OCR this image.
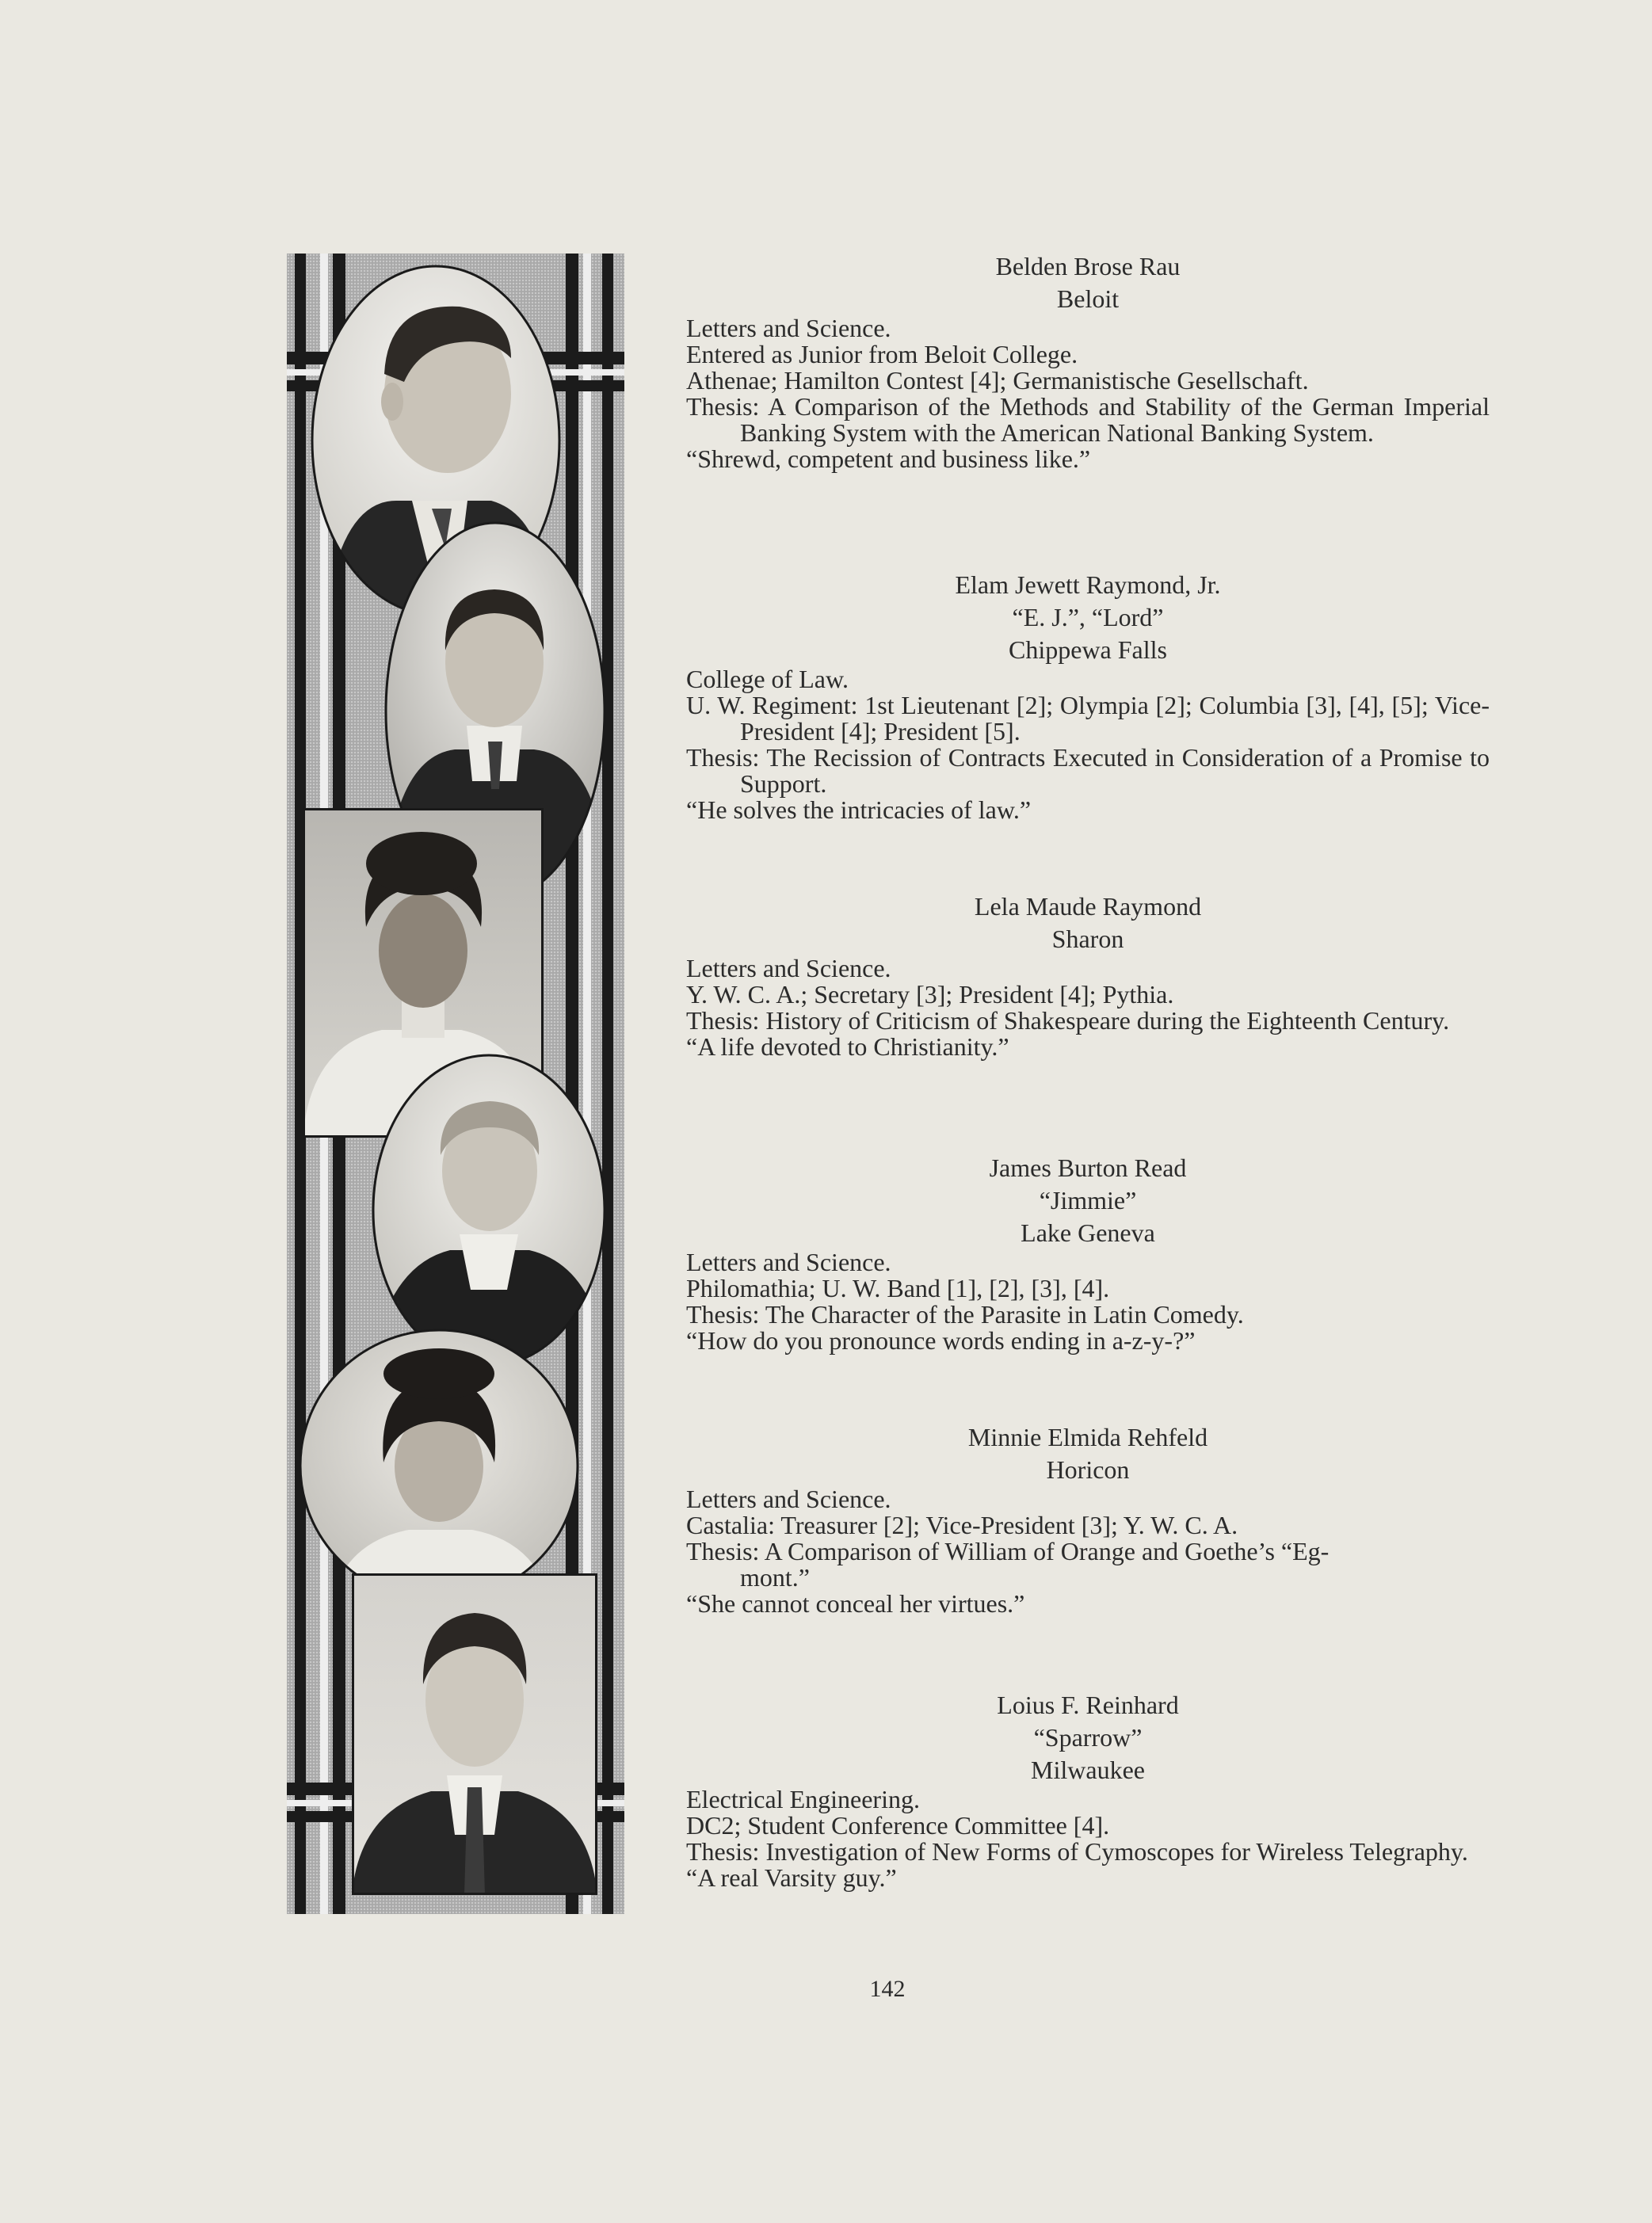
Belden Brose Rau
Beloit
Letters and Science.
Entered as Junior from Beloit College.
Athenae; Hamilton Contest [4]; Germanistische Gesellschaft.
Thesis: A Comparison of the Methods and Stability of the German Imperial Banking System with the American National Banking System.
“Shrewd, competent and business like.”
Elam Jewett Raymond, Jr.
“E. J.”, “Lord”
Chippewa Falls
College of Law.
U. W. Regiment: 1st Lieutenant [2]; Olympia [2]; Columbia [3], [4], [5]; Vice-President [4]; President [5].
Thesis: The Recission of Contracts Executed in Consideration of a Promise to Support.
“He solves the intricacies of law.”
Lela Maude Raymond
Sharon
Letters and Science.
Y. W. C. A.; Secretary [3]; President [4]; Pythia.
Thesis: History of Criticism of Shakespeare during the Eighteenth Century.
“A life devoted to Christianity.”
James Burton Read
“Jimmie”
Lake Geneva
Letters and Science.
Philomathia; U. W. Band [1], [2], [3], [4].
Thesis: The Character of the Parasite in Latin Comedy.
“How do you pronounce words ending in a-z-y-?”
Minnie Elmida Rehfeld
Horicon
Letters and Science.
Castalia: Treasurer [2]; Vice-President [3]; Y. W. C. A.
Thesis: A Comparison of William of Orange and Goethe’s “Eg-
mont.”
“She cannot conceal her virtues.”
Loius F. Reinhard
“Sparrow”
Milwaukee
Electrical Engineering.
DC2; Student Conference Committee [4].
Thesis: Investigation of New Forms of Cymoscopes for Wireless Telegraphy.
“A real Varsity guy.”
142
